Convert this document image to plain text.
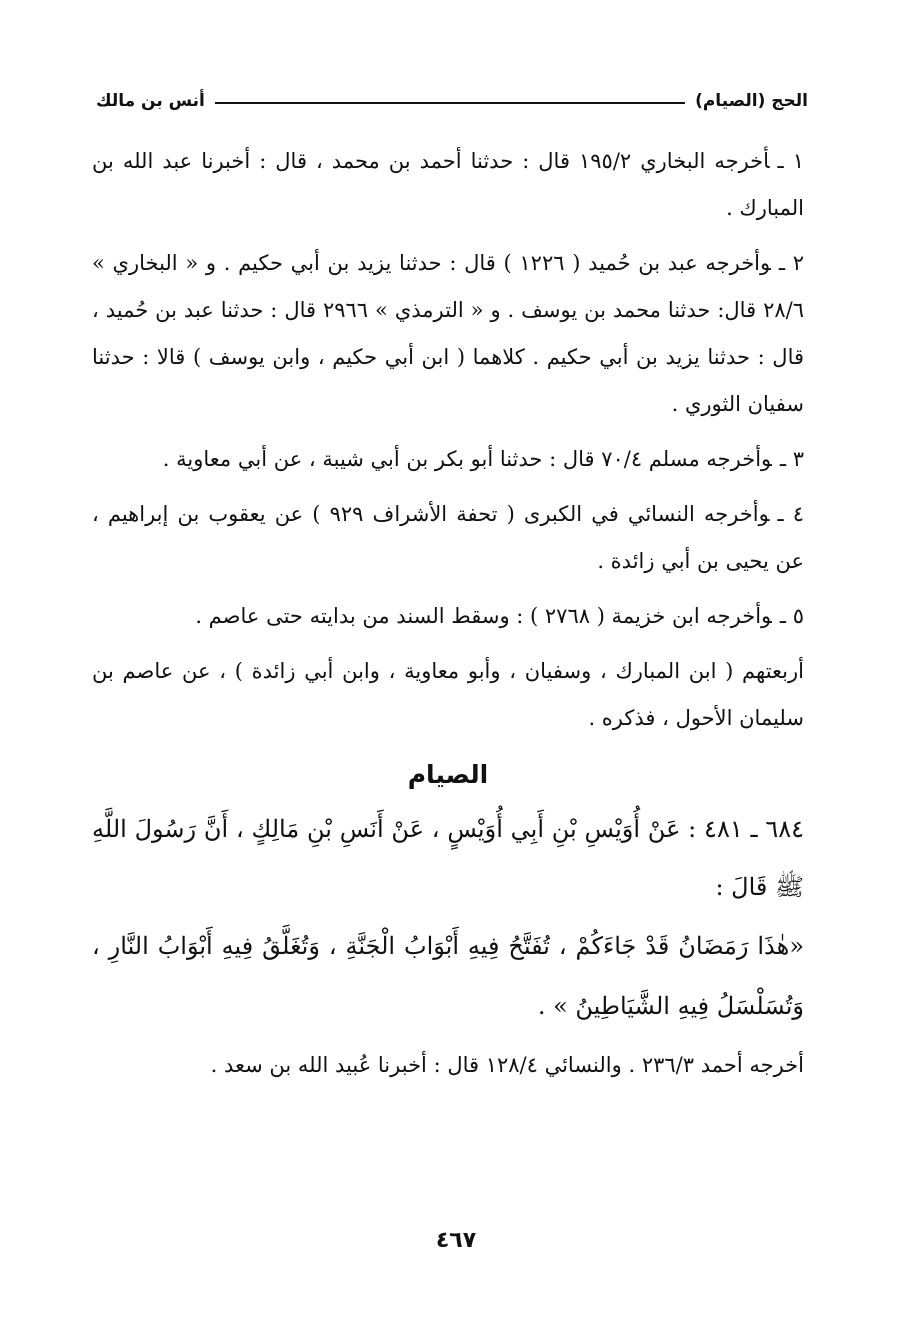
الحج (الصيام)
أنس بن مالك

١ ـأخرجه البخاري ١٩٥/٢ قال : حدثنا أحمد بن محمد ، قال : أخبرنا عبد الله بن المبارك .

٢ ـوأخرجه عبد بن حُميد ( ١٢٢٦ ) قال : حدثنا يزيد بن أبي حكيم . و « البخاري » ٢٨/٦ قال: حدثنا محمد بن يوسف . و « الترمذي » ٢٩٦٦ قال : حدثنا عبد بن حُميد ، قال : حدثنا يزيد بن أبي حكيم . كلاهما ( ابن أبي حكيم ، وابن يوسف ) قالا : حدثنا سفيان الثوري .

٣ ـوأخرجه مسلم ٧٠/٤ قال : حدثنا أبو بكر بن أبي شيبة ، عن أبي معاوية .

٤ ـوأخرجه النسائي في الكبرى ( تحفة الأشراف ٩٢٩ ) عن يعقوب بن إبراهيم ، عن يحيى بن أبي زائدة .

٥ ـوأخرجه ابن خزيمة ( ٢٧٦٨ ) : وسقط السند من بدايته حتى عاصم .

أربعتهم ( ابن المبارك ، وسفيان ، وأبو معاوية ، وابن أبي زائدة ) ، عن عاصم بن سليمان الأحول ، فذكره .

الصيام

٦٨٤ ـ ٤٨١ : عَنْ أُوَيْسِ بْنِ أَبِي أُوَيْسٍ ، عَنْ أَنَسِ بْنِ مَالِكٍ ، أَنَّ رَسُولَ اللَّهِ ﷺ قَالَ :

«هٰذَا رَمَضَانُ قَدْ جَاءَكُمْ ، تُفَتَّحُ فِيهِ أَبْوَابُ الْجَنَّةِ ، وَتُغَلَّقُ فِيهِ أَبْوَابُ النَّارِ ، وَتُسَلْسَلُ فِيهِ الشَّيَاطِينُ » .

أخرجه أحمد ٢٣٦/٣ . والنسائي ١٢٨/٤ قال : أخبرنا عُبيد الله بن سعد .

٤٦٧
